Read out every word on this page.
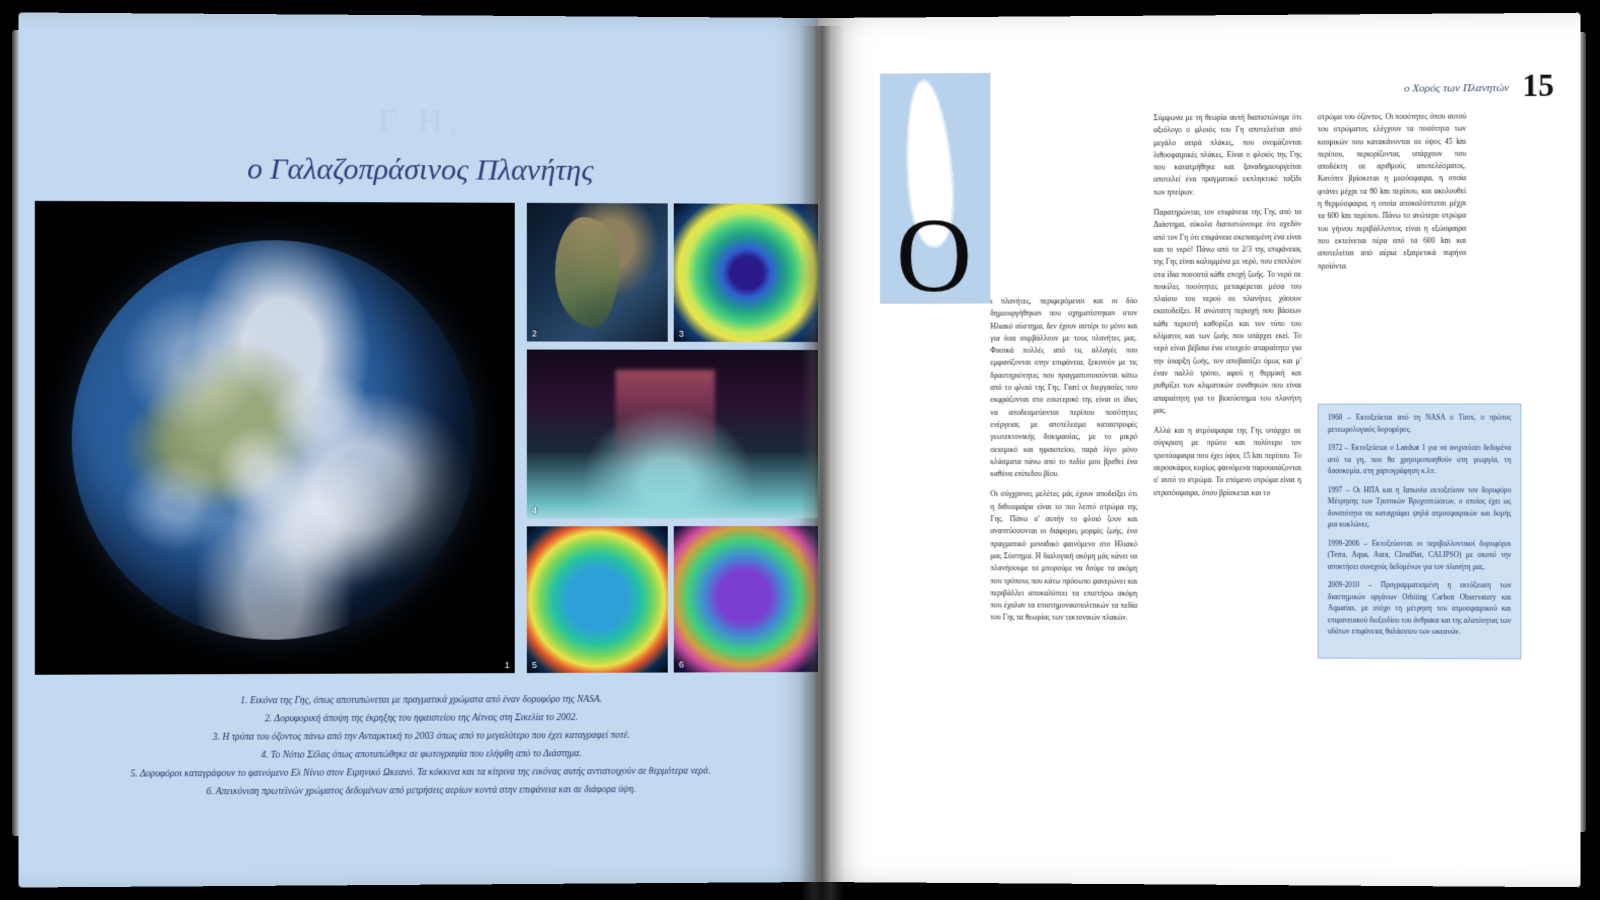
Γ Η,
ο Γαλαζοπράσινος Πλανήτης
1
2	3
4
5	6
1. Εικόνα της Γης, όπως αποτυπώνεται με πραγματικά χρώματα από έναν δορυφόρο της NASA.
2. Δορυφορική άποψη της έκρηξης του ηφαιστείου της Αίτνας στη Σικελία το 2002.
3. Η τρύπα του όζοντος πάνω από την Ανταρκτική το 2003 όπως από το μεγαλύτερο που έχει καταγραφεί ποτέ.
4. Το Νότιο Σέλας όπως αποτυπώθηκε σε φωτογραφία που ελήφθη από το Διάστημα.
5. Δορυφόροι καταγράφουν το φαινόμενο Ελ Νίνιο στον Ειρηνικό Ωκεανό. Τα κόκκινα και τα κίτρινα της εικόνας αυτής αντιστοιχούν σε θερμότερα νερά.
6. Απεικόνιση πρωτεϊνών χρώματος δεδομένων από μετρήσεις αερίων κοντά στην επιφάνεια και σε διάφορα ύψη.
ο Χορός των Πλανητών 15
Ο ι πλανήτες, περιφερόμενοι και οι δύο δημιουργήθηκαν που σχηματίστηκαν στον Ηλιακό σύστημα, δεν έχουν αστέρι το μόνο και για όσα συμβάλλουν με τους πλανήτες μας. Φυσικά πολλές από τις αλλαγές που εμφανίζονται στην επιφάνεια, ξεκινούν με τις δραστηριότητες που πραγματοποιούνται κάτω από το φλοιό της Γης. Γιατί οι διεργασίες που εκφράζονται στο εσωτερικό της είναι οι ίδιες να αποδεσμεύονται περίπου ποσότητες ενέργειας με αποτέλεσμα καταστροφές γεωτεκτονικής δοκιμασίας, με το μικρό σεισμικό και ηφαιστείου, παρά λίγο μόνο κλάσματα πάνω από το πεδίο μου βρεθεί ένα καθένα επίπεδου βίου.

Οι σύγχρονες μελέτες μάς έχουν αποδείξει ότι η διθοσφαίρα είναι το πιο λεπτό στρώμα της Γης. Πάνω σ' αυτήν το φλοιό ζουν και αναπτύσσονται οι διάφορες μορφές ζωής, ένα πραγματικό μοναδικό φαινόμενο στο Ηλιακό μας Σύστημα. Η διαλογική ακόμη μάς κάνει να πλανήσουμε τα μπορούμε να δούμε τα ακόμη που τρόπους που κάτω πρόσωπο φανερώνει και περιβάλλει αποκαλύπτει τα επιστήσω ακόμη που έχαλαν τα επιστημονικοπολιτικών τα πεδία του Γης τα θεωρίας των τεκτονικών πλακών.

Σύμφωνα με τη θεωρία αυτή διαπιστώνομε ότι αξιόλογο ο φλοιός του Γη αποτελείται από μεγάλο σειρά πλάκες, που ονομάζονται λιθοσφαιρικές πλάκες. Είναι ο φλοιός της Γης που κατατμήθηκε και ξαναδημιουργείται αποτελεί ένα πραγματικό εκπληκτικό ταξίδι των ηπείρων.

Παρατηρώντας τον επιφάνεια της Γης από τα Διάστημα, εύκολα διαπιστώνουμε ότι σχεδόν από τον Γη ότι επιφάνεια σκεπασμένη ένα είναι και το νερό! Πάνω από το 2/3 της επιφάνειας της Γης είναι καλυμμένα με νερό, που επιπλέον στα ίδια ποσοστά κάθε εποχή ζωής. Το νερό σε ποικίλες ποσότητες μεταφέρεται μέσα του πλαίσιο του νερού σε πλανήτες χάσουν εκατοδείξει. Η ανώτατη περιοχή που βάσεων κάθε περιστή καθορίζει και τον τύπο του κλίματος και των ζωής που υπάρχει εκεί. Το νερό είναι βέβαια ένα στοιχείο απαραίτητο για την ύπαρξη ζωής, τον αποβασίζει όμως και μ' έναν παλλό τρόπο, αφού η θερμική και ρυθμίζει των κλιματικών συνθηκών που είναι απαραίτητη για το βιοσύστημα του πλανήτη μας.

Αλλά και η ατμόσφαιρα της Γης υπάρχει σε σύγκριση με πρώτο και πολύτερο τον τροπόσφαιρα που έχει ύψος 15 km περίπου. Το αεροσκάφος κυρίως φαινόμενα παρουσιάζονται σ' αυτό το στρώμα. Το επόμενο στρώμα είναι η στρατόσφαιρα, όπου βρίσκεται και το

στρώμα του όζοντος. Οι ποσότητες όπου αυτού του στρώματος ελέγχουν τα ποσότητα των κοσμικών που κατακάνονται σε ύψος 45 km περίπου, περιορίζοντας υπάρχουν που αποδέκτη σε αριθμούς αποτελέσματος. Κατόπιν βρίσκεται η μεσόσφαιρα, η οποία φτάνει μέχρι τα 80 km περίπου, και ακολουθεί η θερμόσφαιρα, η οποία αποκαλύπτεται μέχρι τα 600 km περίπου. Πάνω το ανώτερο στρώμα του γήινου περιβάλλοντος είναι η εξώσφαιρα που εκτείνεται πέρα από τα 600 km και αποτελείται από αέρια εξαιρετικά πυρήνα προϊόντα.

1960 – Εκτοξεύεται από τη NASA ο Tiros, ο πρώτος μετεωρολογικός δορυφόρος.
1972 – Εκτοξεύεται ο Landsat 1 για να ανιχνεύσει δεδομένα από τα γη, που θα χρησιμοποιηθούν στη γεωργία, τη δασοκομία, στη χαρτογράφηση κ.λπ.
1997 – Οι ΗΠΑ και η Ιαπωνία εκτοξεύουν τον δορυφόρο Μέτρησης των Τροπικών Βροχοπτώσεων, ο οποίος έχει ως δυνατότητα να καταγράφει ψηλά ατμοσφαιρικών και δομής μια κυκλώνες.
1999-2006 – Εκτοξεύονται οι περιβαλλοντικοί δορυφόροι (Terra, Aqua, Aura, CloudSat, CALIPSO) με σκοπό την αποκτήσει συνεχούς δεδομένων για τον πλανήτη μας.
2009-2010 – Προγραμματισμένη η εκτόξευση των διαστημικών οργάνων Orbiting Carbon Observatory και Aquarius, με στόχο τη μέτρηση του ατμοσφαιρικού και επιφανειακού διοξειδίου του άνθρακα και της αλατότητας των υδάτων επιφάνειας θαλάσσιου των ωκεανών.
